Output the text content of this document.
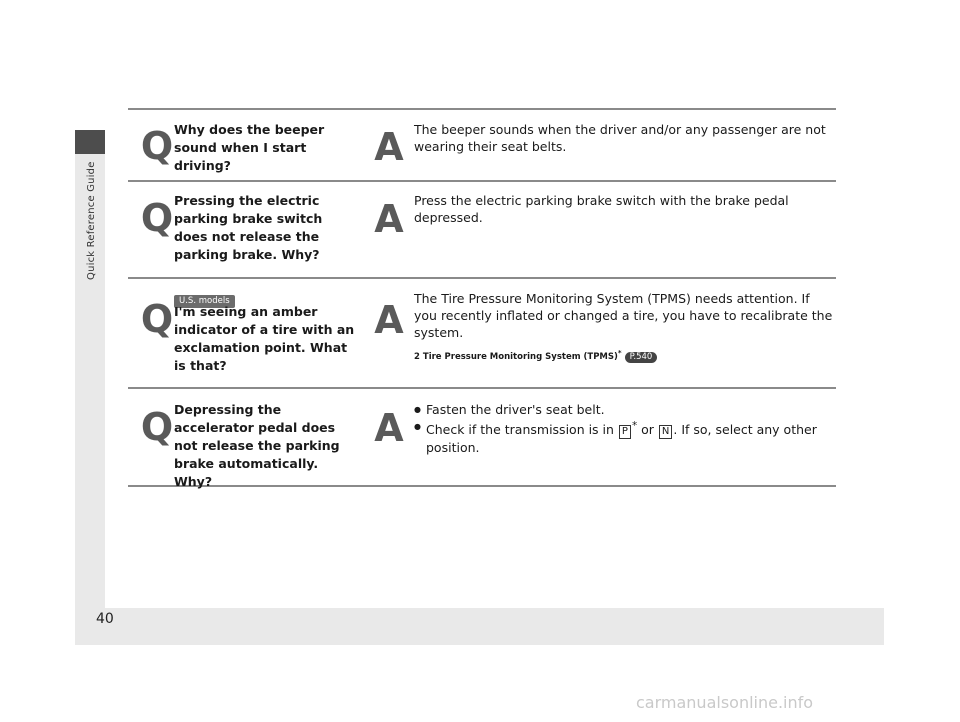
Quick Reference Guide
40
Q Why does the beeper sound when I start driving?	A The beeper sounds when the driver and/or any passenger are not wearing their seat belts.
Q Pressing the electric parking brake switch does not release the parking brake. Why?
A Press the electric parking brake switch with the brake pedal depressed.
U.S. models
Q I'm seeing an amber indicator of a tire with an exclamation point. What is that?
A The Tire Pressure Monitoring System (TPMS) needs attention. If you recently inflated or changed a tire, you have to recalibrate the system.
2 Tire Pressure Monitoring System (TPMS)* P.540
Q Depressing the accelerator pedal does not release the parking brake automatically. Why?
A
●	Fasten the driver's seat belt.
● Check if the transmission is in P * or N . If so, select any other position.
carmanualsonline.info
